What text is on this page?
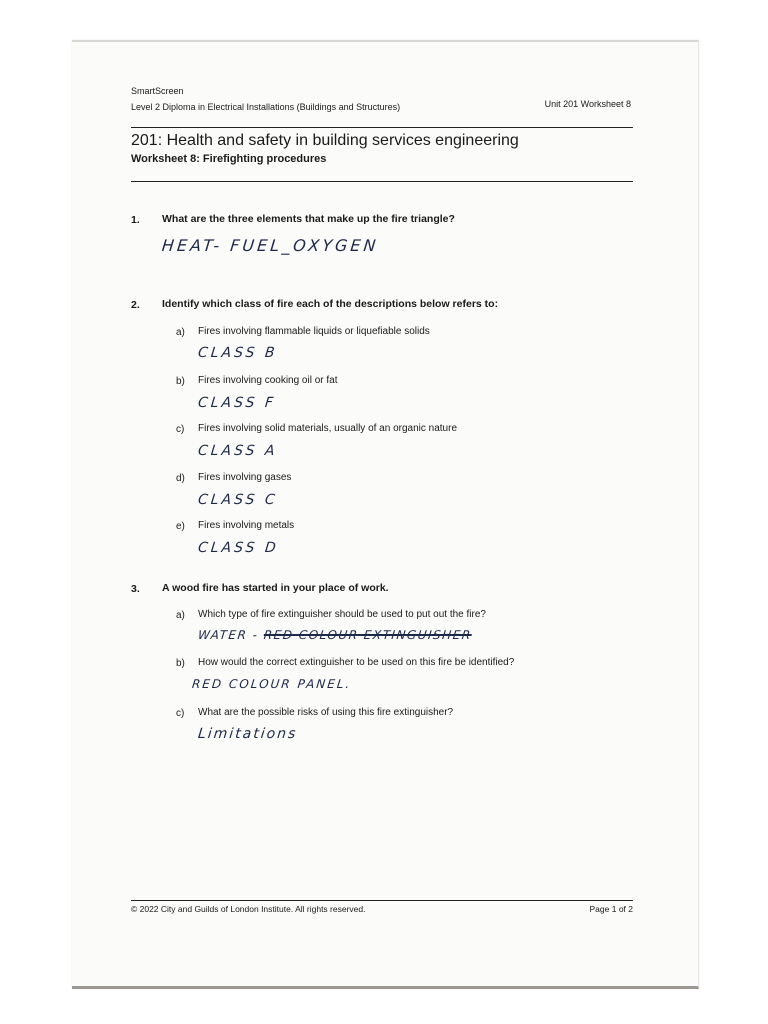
SmartScreen
Level 2 Diploma in Electrical Installations (Buildings and Structures)	Unit 201 Worksheet 8
201: Health and safety in building services engineering
Worksheet 8: Firefighting procedures
1. What are the three elements that make up the fire triangle?
HEAT- FUEL_OXYGEN
2. Identify which class of fire each of the descriptions below refers to:
a) Fires involving flammable liquids or liquefiable solids
CLASS B
b) Fires involving cooking oil or fat
CLASS F
c) Fires involving solid materials, usually of an organic nature
CLASS A
d) Fires involving gases
CLASS C
e) Fires involving metals
CLASS D
3. A wood fire has started in your place of work.
a) Which type of fire extinguisher should be used to put out the fire?
WATER - RED COLOUR EXTINGUISHER
b) How would the correct extinguisher to be used on this fire be identified?
RED COLOUR PANEL.
c) What are the possible risks of using this fire extinguisher?
Limitations
© 2022 City and Guilds of London Institute. All rights reserved.	Page 1 of 2
